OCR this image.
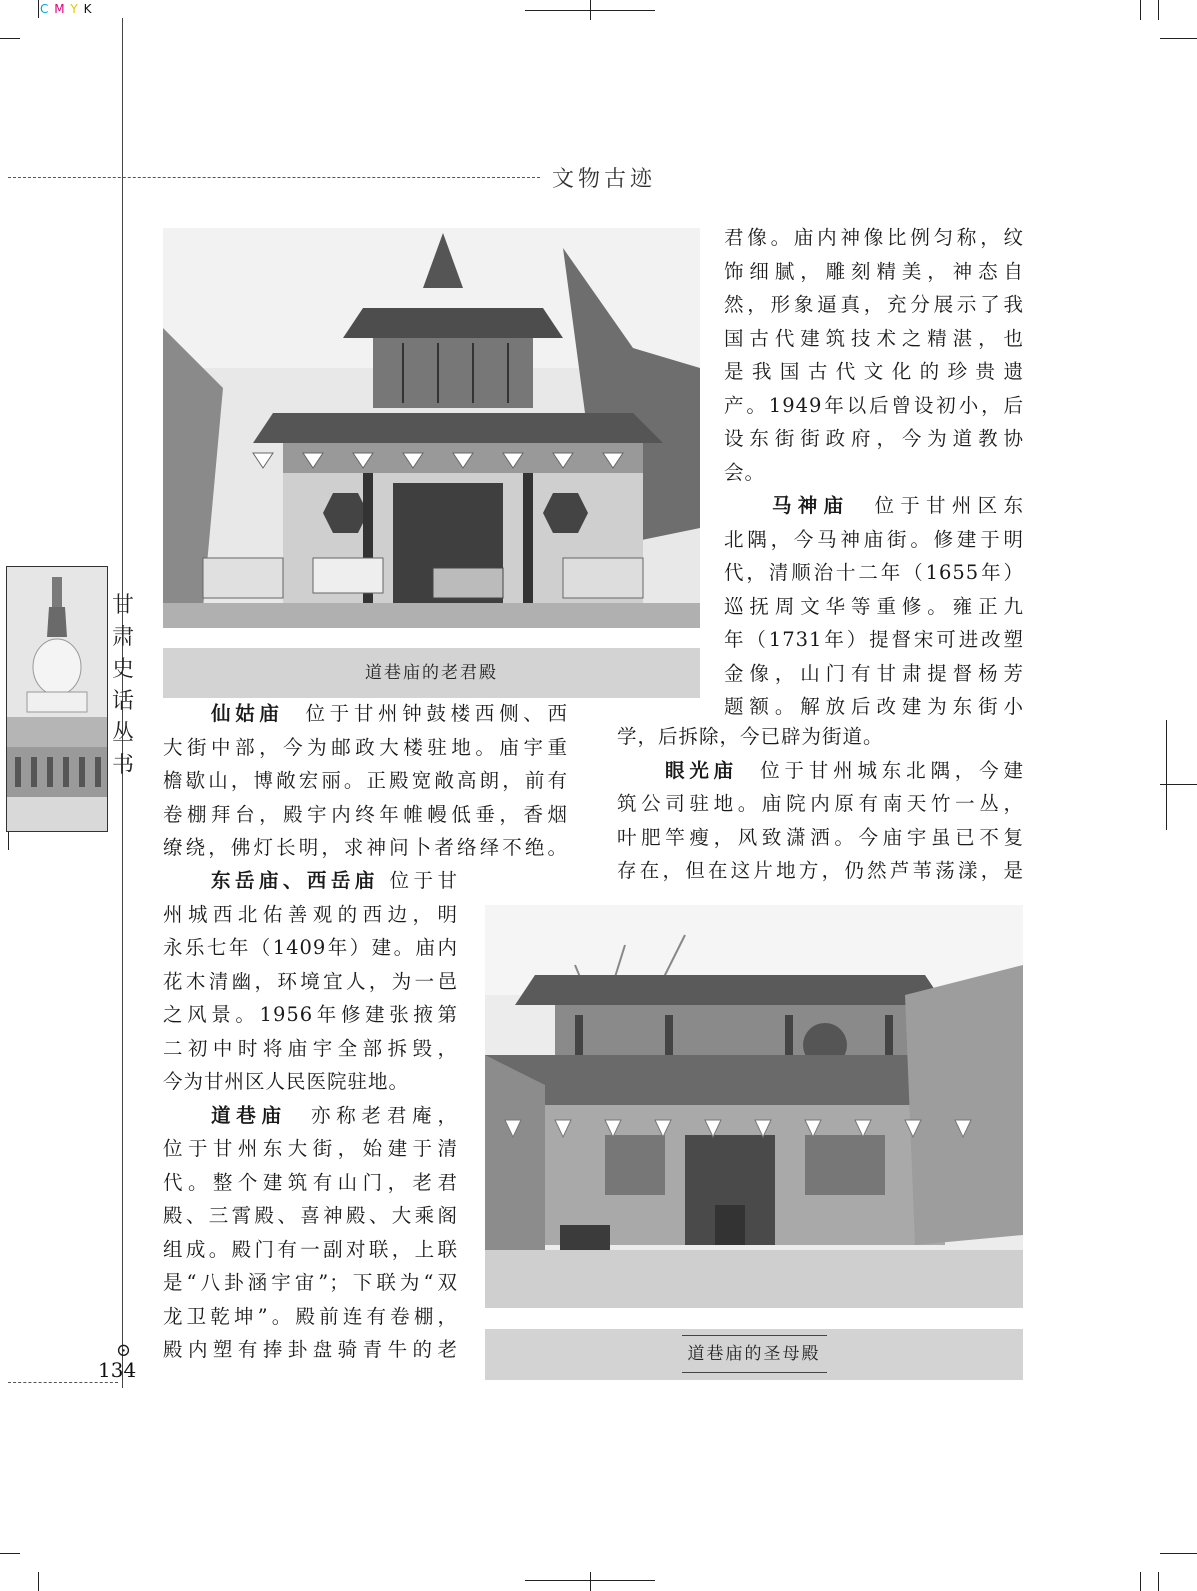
C M Y K
文物古迹
甘
肃
史
话
丛
书
⊙
134
道巷庙的老君殿

君像。庙内神像比例匀称，纹

饰细腻，雕刻精美，神态自

然，形象逼真，充分展示了我

国古代建筑技术之精湛，也

是我国古代文化的珍贵遗

产。1949年以后曾设初小，后

设东街街政府，今为道教协

会。

马神庙 位于甘州区东

北隅，今马神庙街。修建于明

代，清顺治十二年（1655年）

巡抚周文华等重修。雍正九

年（1731年）提督宋可进改塑

金像，山门有甘肃提督杨芳

题额。解放后改建为东街小

仙姑庙 位于甘州钟鼓楼西侧、西

大街中部，今为邮政大楼驻地。庙宇重

檐歇山，博敞宏丽。正殿宽敞高朗，前有

卷棚拜台，殿宇内终年帷幔低垂，香烟

缭绕，佛灯长明，求神问卜者络绎不绝。

学，后拆除，今已辟为街道。

眼光庙 位于甘州城东北隅，今建

筑公司驻地。庙院内原有南天竹一丛，

叶肥竿瘦，风致潇洒。今庙宇虽已不复

存在，但在这片地方，仍然芦苇荡漾，是

东岳庙、西岳庙 位于甘

州城西北佑善观的西边，明

永乐七年（1409年）建。庙内

花木清幽，环境宜人，为一邑

之风景。1956年修建张掖第

二初中时将庙宇全部拆毁，

今为甘州区人民医院驻地。

道巷庙 亦称老君庵，

位于甘州东大街，始建于清

代。整个建筑有山门，老君

殿、三霄殿、喜神殿、大乘阁

组成。殿门有一副对联，上联

是“八卦涵宇宙”；下联为“双

龙卫乾坤”。殿前连有卷棚，

殿内塑有捧卦盘骑青牛的老	道巷庙的圣母殿
